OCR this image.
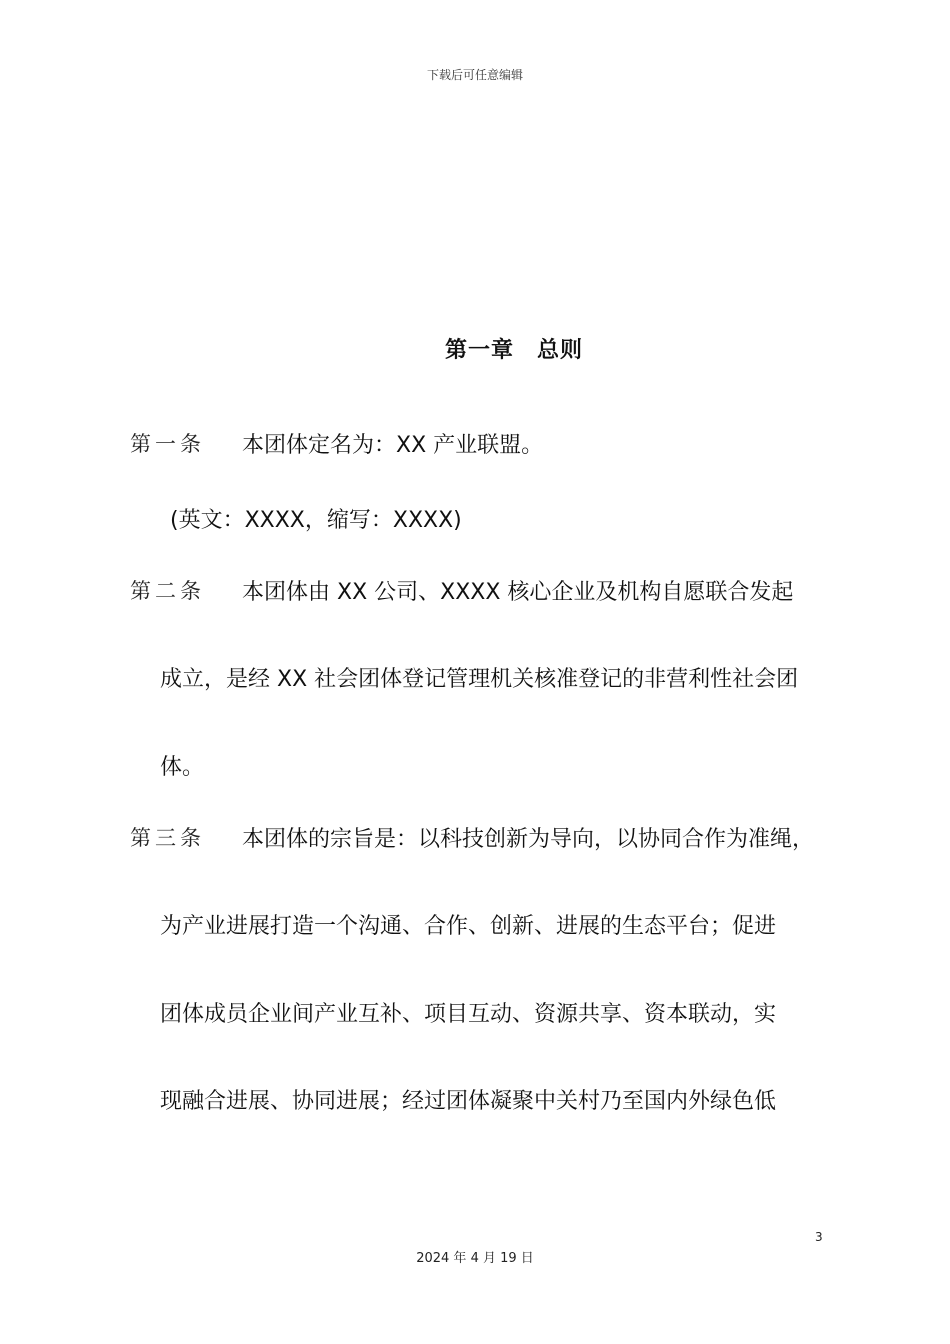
下载后可任意编辑
第一章　总则
第一条 本团体定名为：XX 产业联盟。
(英文：XXXX，缩写：XXXX)
第二条 本团体由 XX 公司、XXXX 核心企业及机构自愿联合发起
成立，是经 XX 社会团体登记管理机关核准登记的非营利性社会团
体。
第三条 本团体的宗旨是：以科技创新为导向，以协同合作为准绳，
为产业进展打造一个沟通、合作、创新、进展的生态平台；促进
团体成员企业间产业互补、项目互动、资源共享、资本联动，实
现融合进展、协同进展；经过团体凝聚中关村乃至国内外绿色低
3
2024 年 4 月 19 日
